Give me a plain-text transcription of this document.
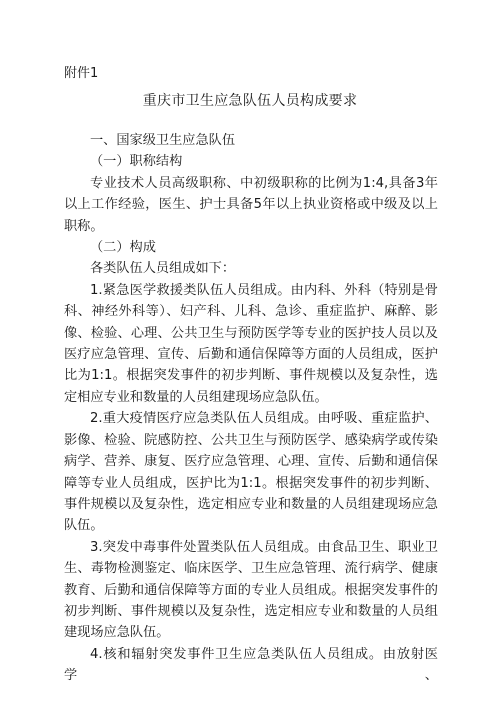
附件1
重庆市卫生应急队伍人员构成要求

一、国家级卫生应急队伍

（一）职称结构

专业技术人员高级职称、中初级职称的比例为1:4,具备3年以上工作经验，医生、护士具备5年以上执业资格或中级及以上职称。

（二）构成

各类队伍人员组成如下：

1.紧急医学救援类队伍人员组成。由内科、外科（特别是骨科、神经外科等）、妇产科、儿科、急诊、重症监护、麻醉、影像、检验、心理、公共卫生与预防医学等专业的医护技人员以及医疗应急管理、宣传、后勤和通信保障等方面的人员组成，医护比为1:1。根据突发事件的初步判断、事件规模以及复杂性，选定相应专业和数量的人员组建现场应急队伍。

2.重大疫情医疗应急类队伍人员组成。由呼吸、重症监护、影像、检验、院感防控、公共卫生与预防医学、感染病学或传染病学、营养、康复、医疗应急管理、心理、宣传、后勤和通信保障等专业人员组成，医护比为1:1。根据突发事件的初步判断、事件规模以及复杂性，选定相应专业和数量的人员组建现场应急队伍。

3.突发中毒事件处置类队伍人员组成。由食品卫生、职业卫生、毒物检测鉴定、临床医学、卫生应急管理、流行病学、健康教育、后勤和通信保障等方面的专业人员组成。根据突发事件的初步判断、事件规模以及复杂性，选定相应专业和数量的人员组建现场应急队伍。

4.核和辐射突发事件卫生应急类队伍人员组成。由放射医学、
